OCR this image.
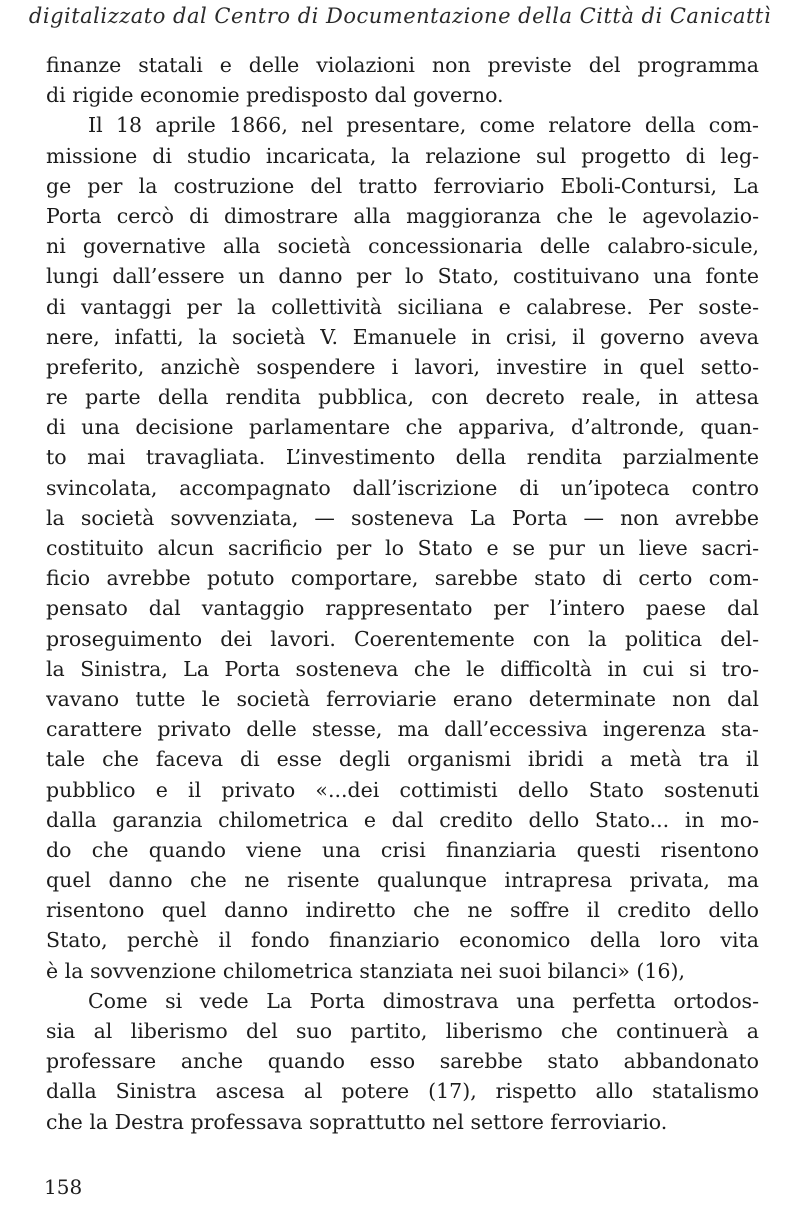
digitalizzato dal Centro di Documentazione della Città di Canicattì
finanze statali e delle violazioni non previste del programma
di rigide economie predisposto dal governo.
Il 18 aprile 1866, nel presentare, come relatore della com-
missione di studio incaricata, la relazione sul progetto di leg-
ge per la costruzione del tratto ferroviario Eboli-Contursi, La
Porta cercò di dimostrare alla maggioranza che le agevolazio-
ni governative alla società concessionaria delle calabro-sicule,
lungi dall’essere un danno per lo Stato, costituivano una fonte
di vantaggi per la collettività siciliana e calabrese. Per soste-
nere, infatti, la società V. Emanuele in crisi, il governo aveva
preferito, anzichè sospendere i lavori, investire in quel setto-
re parte della rendita pubblica, con decreto reale, in attesa
di una decisione parlamentare che appariva, d’altronde, quan-
to mai travagliata. L’investimento della rendita parzialmente
svincolata, accompagnato dall’iscrizione di un’ipoteca contro
la società sovvenziata, — sosteneva La Porta — non avrebbe
costituito alcun sacrificio per lo Stato e se pur un lieve sacri-
ficio avrebbe potuto comportare, sarebbe stato di certo com-
pensato dal vantaggio rappresentato per l’intero paese dal
proseguimento dei lavori. Coerentemente con la politica del-
la Sinistra, La Porta sosteneva che le difficoltà in cui si tro-
vavano tutte le società ferroviarie erano determinate non dal
carattere privato delle stesse, ma dall’eccessiva ingerenza sta-
tale che faceva di esse degli organismi ibridi a metà tra il
pubblico e il privato «...dei cottimisti dello Stato sostenuti
dalla garanzia chilometrica e dal credito dello Stato... in mo-
do che quando viene una crisi finanziaria questi risentono
quel danno che ne risente qualunque intrapresa privata, ma
risentono quel danno indiretto che ne soffre il credito dello
Stato, perchè il fondo finanziario economico della loro vita
è la sovvenzione chilometrica stanziata nei suoi bilanci» (16),
Come si vede La Porta dimostrava una perfetta ortodos-
sia al liberismo del suo partito, liberismo che continuerà a
professare anche quando esso sarebbe stato abbandonato
dalla Sinistra ascesa al potere (17), rispetto allo statalismo
che la Destra professava soprattutto nel settore ferroviario.
158
